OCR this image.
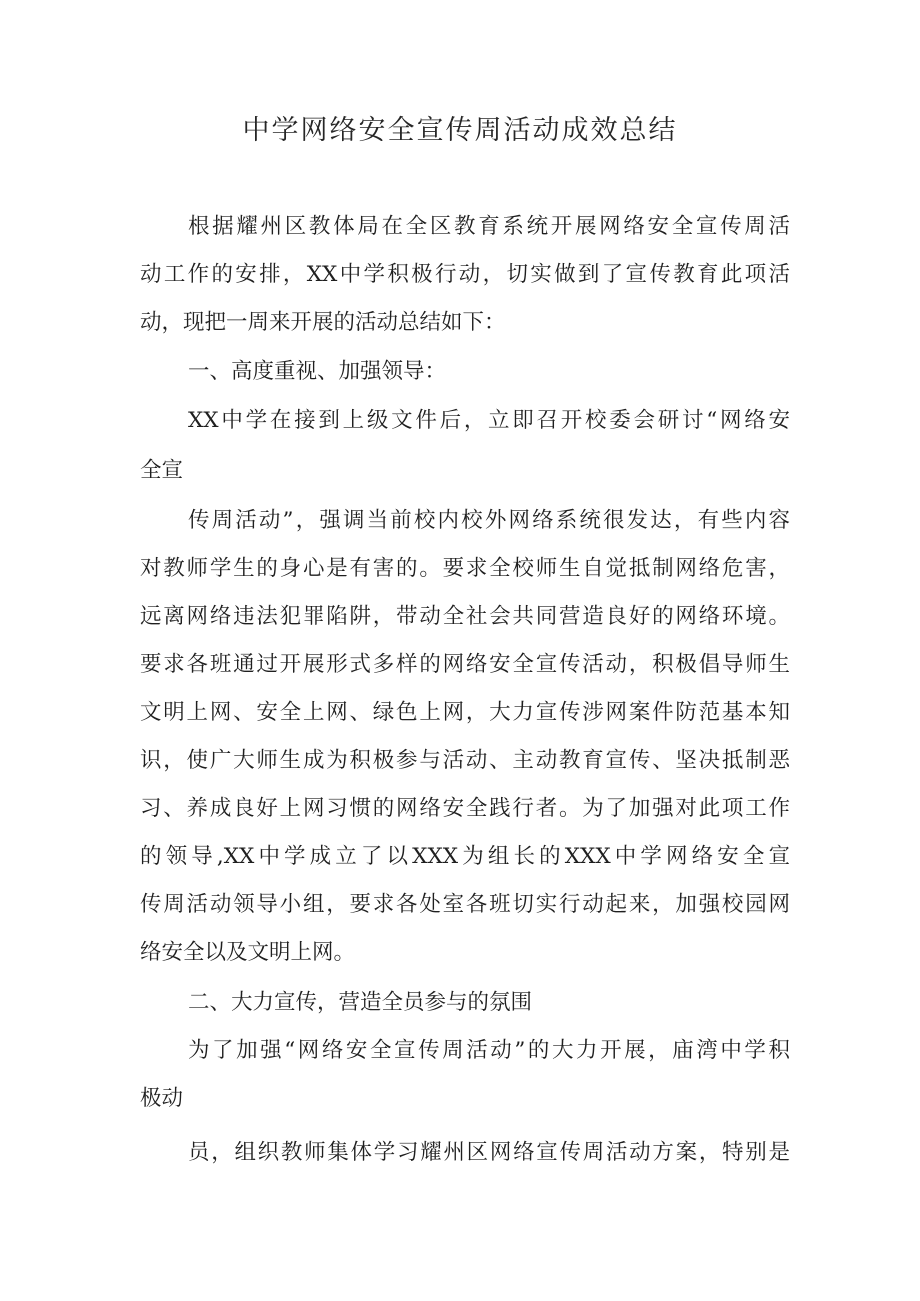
中学网络安全宣传周活动成效总结
根据耀州区教体局在全区教育系统开展网络安全宣传周活
动工作的安排，XX中学积极行动，切实做到了宣传教育此项活
动，现把一周来开展的活动总结如下：
一、高度重视、加强领导：
XX中学在接到上级文件后，立即召开校委会研讨“网络安
全宣
传周活动”，强调当前校内校外网络系统很发达，有些内容
对教师学生的身心是有害的。要求全校师生自觉抵制网络危害，
远离网络违法犯罪陷阱，带动全社会共同营造良好的网络环境。
要求各班通过开展形式多样的网络安全宣传活动，积极倡导师生
文明上网、安全上网、绿色上网，大力宣传涉网案件防范基本知
识，使广大师生成为积极参与活动、主动教育宣传、坚决抵制恶
习、养成良好上网习惯的网络安全践行者。为了加强对此项工作
的领导,XX中学成立了以XXX为组长的XXX中学网络安全宣
传周活动领导小组，要求各处室各班切实行动起来，加强校园网
络安全以及文明上网。
二、大力宣传，营造全员参与的氛围
为了加强“网络安全宣传周活动”的大力开展，庙湾中学积
极动
员，组织教师集体学习耀州区网络宣传周活动方案，特别是
